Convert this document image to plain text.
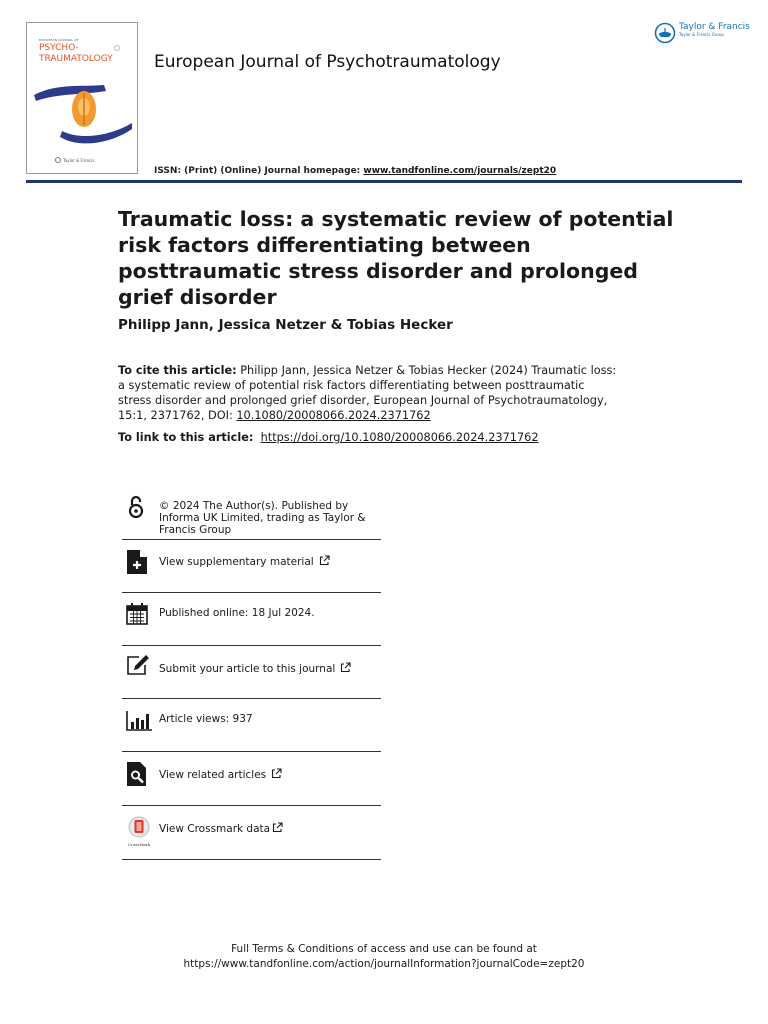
EUROPEAN JOURNAL OF
PSYCHO-
TRAUMATOLOGY
Taylor & Francis
European Journal of Psychotraumatology
Taylor & Francis
Taylor & Francis Group
ISSN: (Print) (Online) Journal homepage: www.tandfonline.com/journals/zept20
Traumatic loss: a systematic review of potential risk factors differentiating between posttraumatic stress disorder and prolonged grief disorder
Philipp Jann, Jessica Netzer & Tobias Hecker
To cite this article: Philipp Jann, Jessica Netzer & Tobias Hecker (2024) Traumatic loss: a systematic review of potential risk factors differentiating between posttraumatic stress disorder and prolonged grief disorder, European Journal of Psychotraumatology, 15:1, 2371762, DOI: 10.1080/20008066.2024.2371762
To link to this article: https://doi.org/10.1080/20008066.2024.2371762
© 2024 The Author(s). Published by Informa UK Limited, trading as Taylor & Francis Group
View supplementary material
Published online: 18 Jul 2024.
Submit your article to this journal
Article views: 937
View related articles
CrossMark
View Crossmark data
Full Terms & Conditions of access and use can be found at
https://www.tandfonline.com/action/journalInformation?journalCode=zept20
